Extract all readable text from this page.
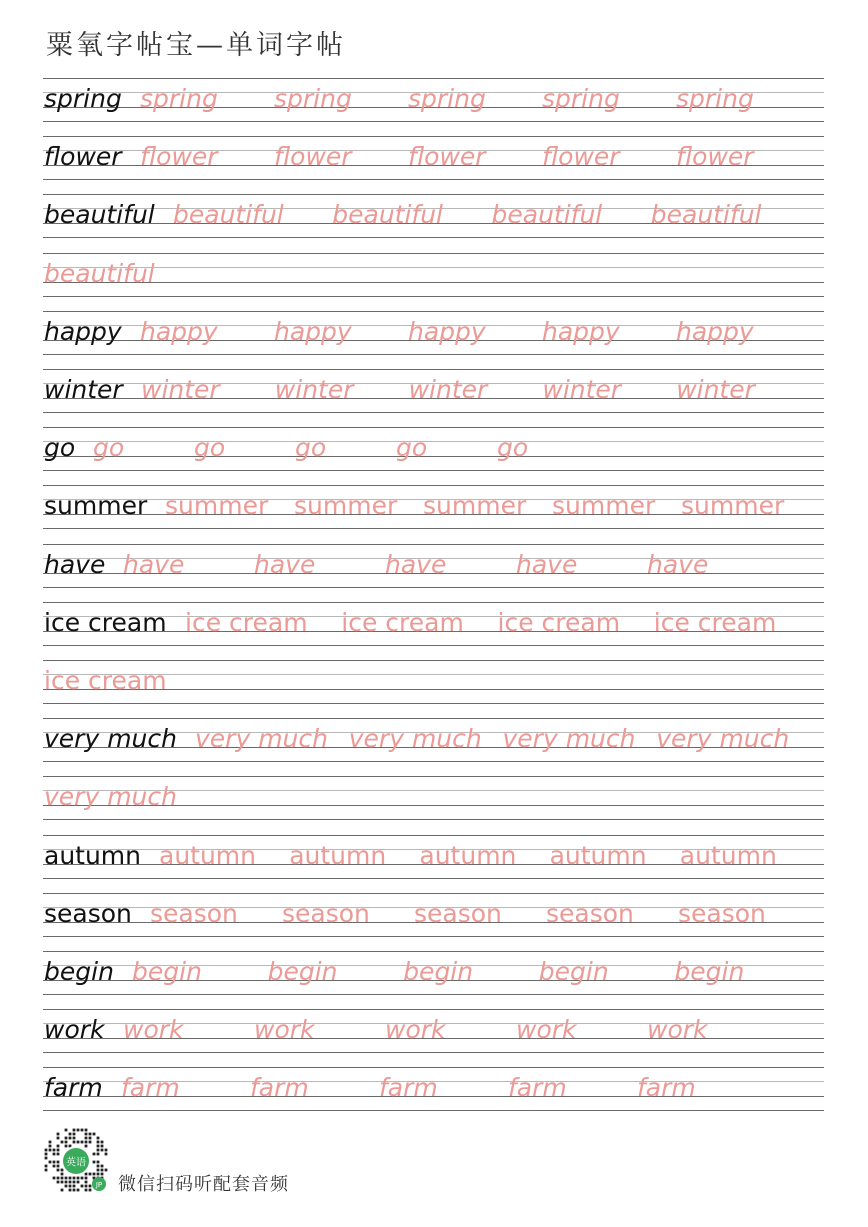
粟氧字帖宝—单词字帖
spring spring spring spring spring spring
flower flower flower flower flower flower
beautiful beautiful beautiful beautiful beautiful
beautiful
happy happy happy happy happy happy
winter winter winter winter winter winter
go go	go	go	go	go
summer summer summer summer summer summer
have have	have	have	have	have
ice cream ice cream ice cream ice cream ice cream
ice cream
very much very much very much very much very much
very much
autumn autumn autumn autumn autumn autumn
season season season season season season
begin begin	begin	begin	begin	begin
work work	work	work	work	work
farm farm	farm	farm	farm	farm
英语
JP 微信扫码听配套音频
